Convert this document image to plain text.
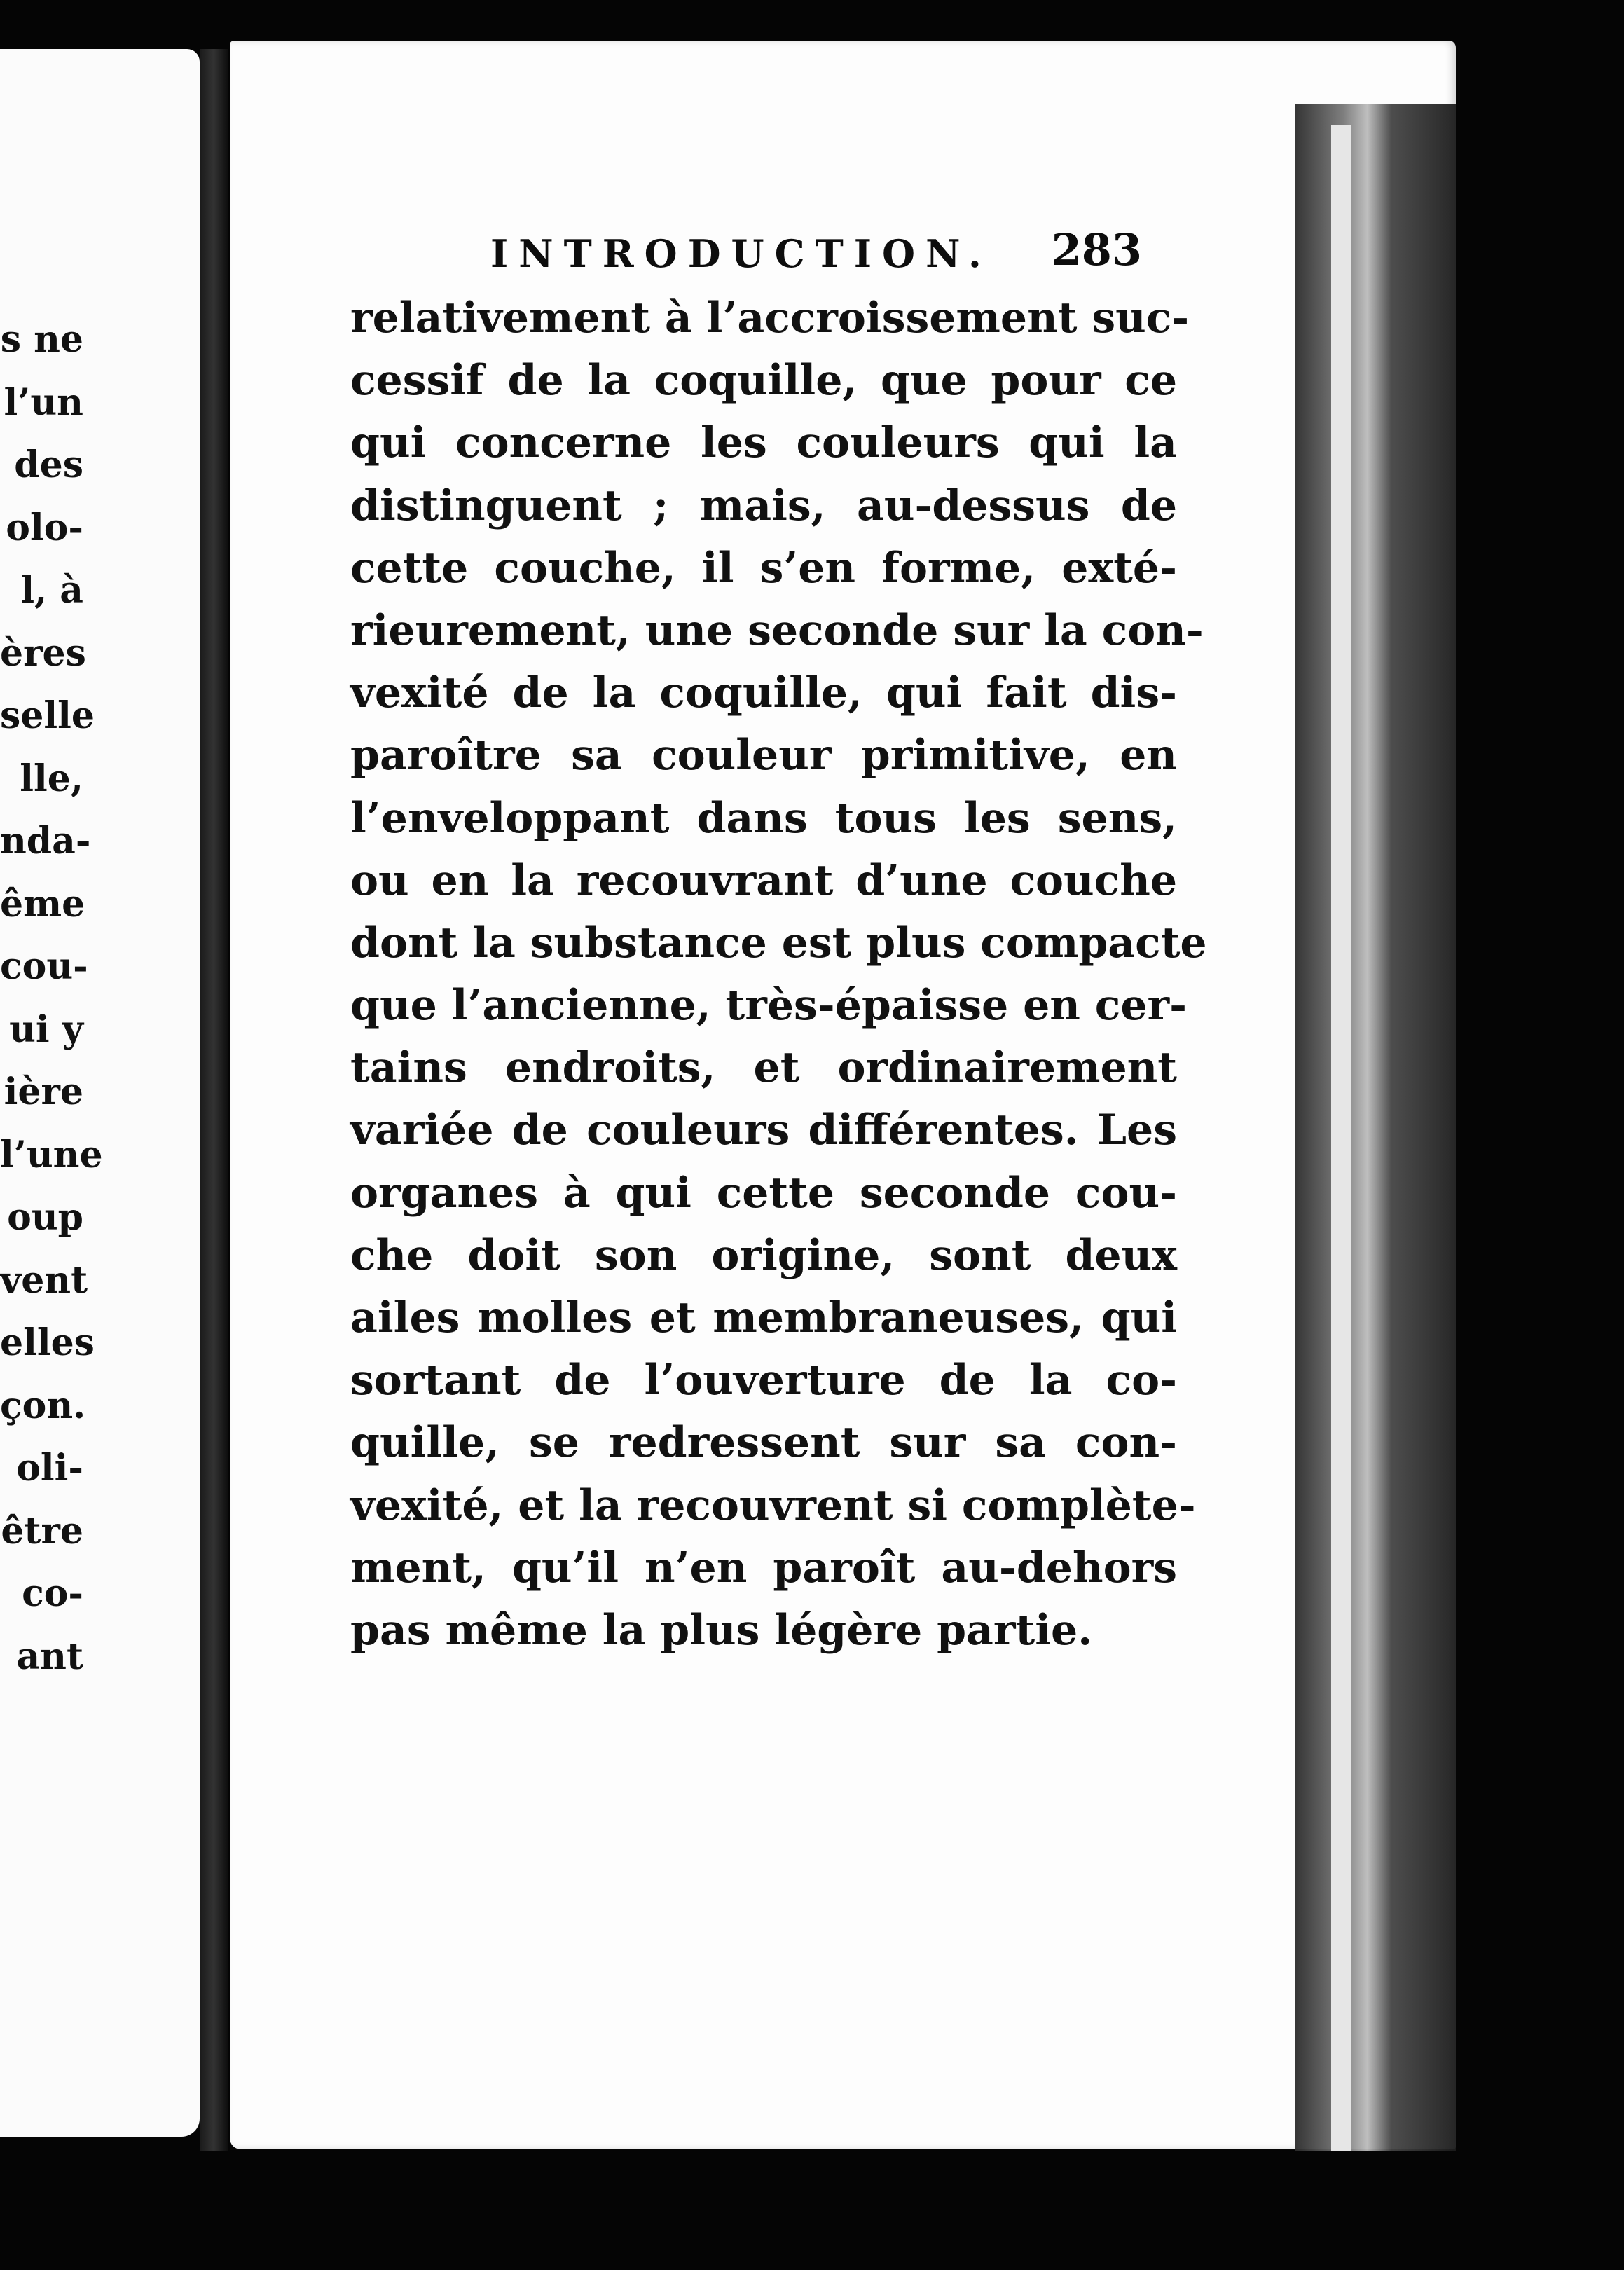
s ne
l’un
des
olo-
l, à
ères
selle
lle,
nda-
ême
cou-
ui y
ière
l’une
oup
vent
elles
çon.
oli-
être
co-
ant
INTRODUCTION. 283
relativement à l’accroissement suc-
cessif de la coquille, que pour ce
qui concerne les couleurs qui la
distinguent ; mais, au-dessus de
cette couche, il s’en forme, exté-
rieurement, une seconde sur la con-
vexité de la coquille, qui fait dis-
paroître sa couleur primitive, en
l’enveloppant dans tous les sens,
ou en la recouvrant d’une couche
dont la substance est plus compacte
que l’ancienne, très-épaisse en cer-
tains endroits, et ordinairement
variée de couleurs différentes. Les
organes à qui cette seconde cou-
che doit son origine, sont deux
ailes molles et membraneuses, qui
sortant de l’ouverture de la co-
quille, se redressent sur sa con-
vexité, et la recouvrent si complète-
ment, qu’il n’en paroît au-dehors
pas même la plus légère partie.
